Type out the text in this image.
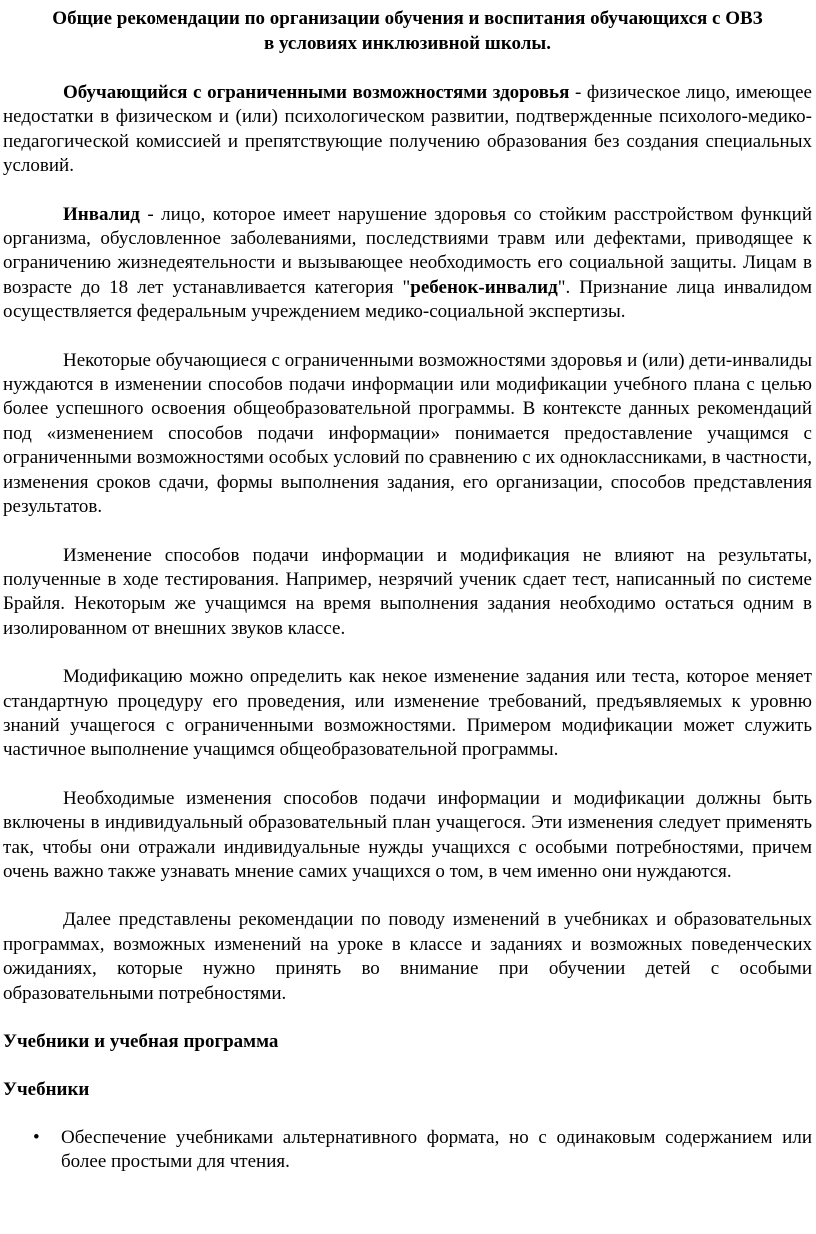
Общие рекомендации по организации обучения и воспитания обучающихся с ОВЗ
в условиях инклюзивной школы.

Обучающийся с ограниченными возможностями здоровья - физическое лицо, имеющее недостатки в физическом и (или) психологическом развитии, подтвержденные психолого-медико-педагогической комиссией и препятствующие получению образования без создания специальных условий.

Инвалид - лицо, которое имеет нарушение здоровья со стойким расстройством функций организма, обусловленное заболеваниями, последствиями травм или дефектами, приводящее к ограничению жизнедеятельности и вызывающее необходимость его социальной защиты. Лицам в возрасте до 18 лет устанавливается категория "ребенок-инвалид". Признание лица инвалидом осуществляется федеральным учреждением медико-социальной экспертизы.

Некоторые обучающиеся с ограниченными возможностями здоровья и (или) дети-инвалиды нуждаются в изменении способов подачи информации или модификации учебного плана с целью более успешного освоения общеобразовательной программы. В контексте данных рекомендаций под «изменением способов подачи информации» понимается предоставление учащимся с ограниченными возможностями особых условий по сравнению с их одноклассниками, в частности, изменения сроков сдачи, формы выполнения задания, его организации, способов представления результатов.

Изменение способов подачи информации и модификация не влияют на результаты, полученные в ходе тестирования. Например, незрячий ученик сдает тест, написанный по системе Брайля. Некоторым же учащимся на время выполнения задания необходимо остаться одним в изолированном от внешних звуков классе.

Модификацию можно определить как некое изменение задания или теста, которое меняет стандартную процедуру его проведения, или изменение требований, предъявляемых к уровню знаний учащегося с ограниченными возможностями. Примером модификации может служить частичное выполнение учащимся общеобразовательной программы.

Необходимые изменения способов подачи информации и модификации должны быть включены в индивидуальный образовательный план учащегося. Эти изменения следует применять так, чтобы они отражали индивидуальные нужды учащихся с особыми потребностями, причем очень важно также узнавать мнение самих учащихся о том, в чем именно они нуждаются.

Далее представлены рекомендации по поводу изменений в учебниках и образовательных программах, возможных изменений на уроке в классе и заданиях и возможных поведенческих ожиданиях, которые нужно принять во внимание при обучении детей с особыми образовательными потребностями.

Учебники и учебная программа

Учебники

• Обеспечение учебниками альтернативного формата, но с одинаковым содержанием или более простыми для чтения.
